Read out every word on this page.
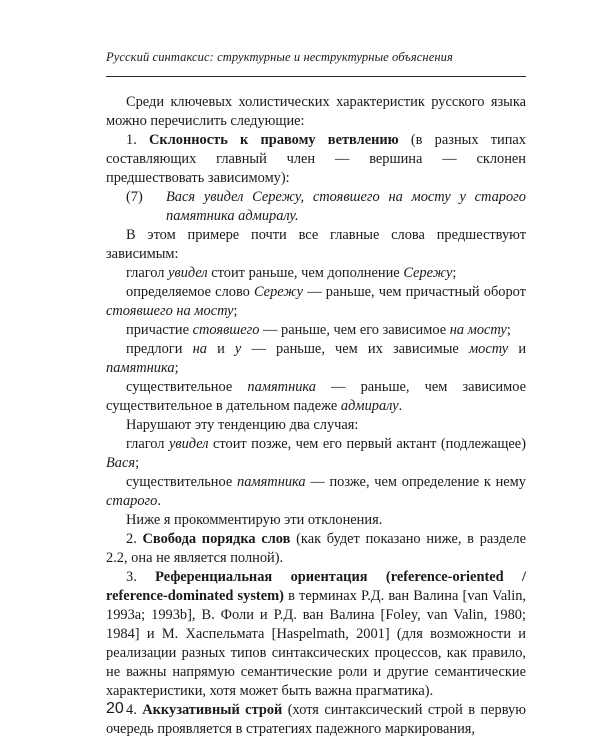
Русский синтаксис: структурные и неструктурные объяснения

Среди ключевых холистических характеристик русского языка можно перечислить следующие:

1. Склонность к правому ветвлению (в разных типах составляющих главный член — вершина — склонен предшествовать зависимому):

(7)	Вася увидел Сережу, стоявшего на мосту у старого памятника адмиралу.

В этом примере почти все главные слова предшествуют зависимым:

глагол увидел стоит раньше, чем дополнение Сережу;

определяемое слово Сережу — раньше, чем причастный оборот стоявшего на мосту;

причастие стоявшего — раньше, чем его зависимое на мосту;

предлоги на и у — раньше, чем их зависимые мосту и памятника;

существительное памятника — раньше, чем зависимое существительное в дательном падеже адмиралу.

Нарушают эту тенденцию два случая:

глагол увидел стоит позже, чем его первый актант (подлежащее) Вася;

существительное памятника — позже, чем определение к нему старого.

Ниже я прокомментирую эти отклонения.

2. Свобода порядка слов (как будет показано ниже, в разделе 2.2, она не является полной).

3. Референциальная ориентация (reference-oriented / reference-dominated system) в терминах Р.Д. ван Валина [van Valin, 1993a; 1993b], В. Фоли и Р.Д. ван Валина [Foley, van Valin, 1980; 1984] и М. Хаспельмата [Haspelmath, 2001] (для возможности и реализации разных типов синтаксических процессов, как правило, не важны напрямую семантические роли и другие семантические характеристики, хотя может быть важна прагматика).

4. Аккузативный строй (хотя синтаксический строй в первую очередь проявляется в стратегиях падежного маркирования,

20
